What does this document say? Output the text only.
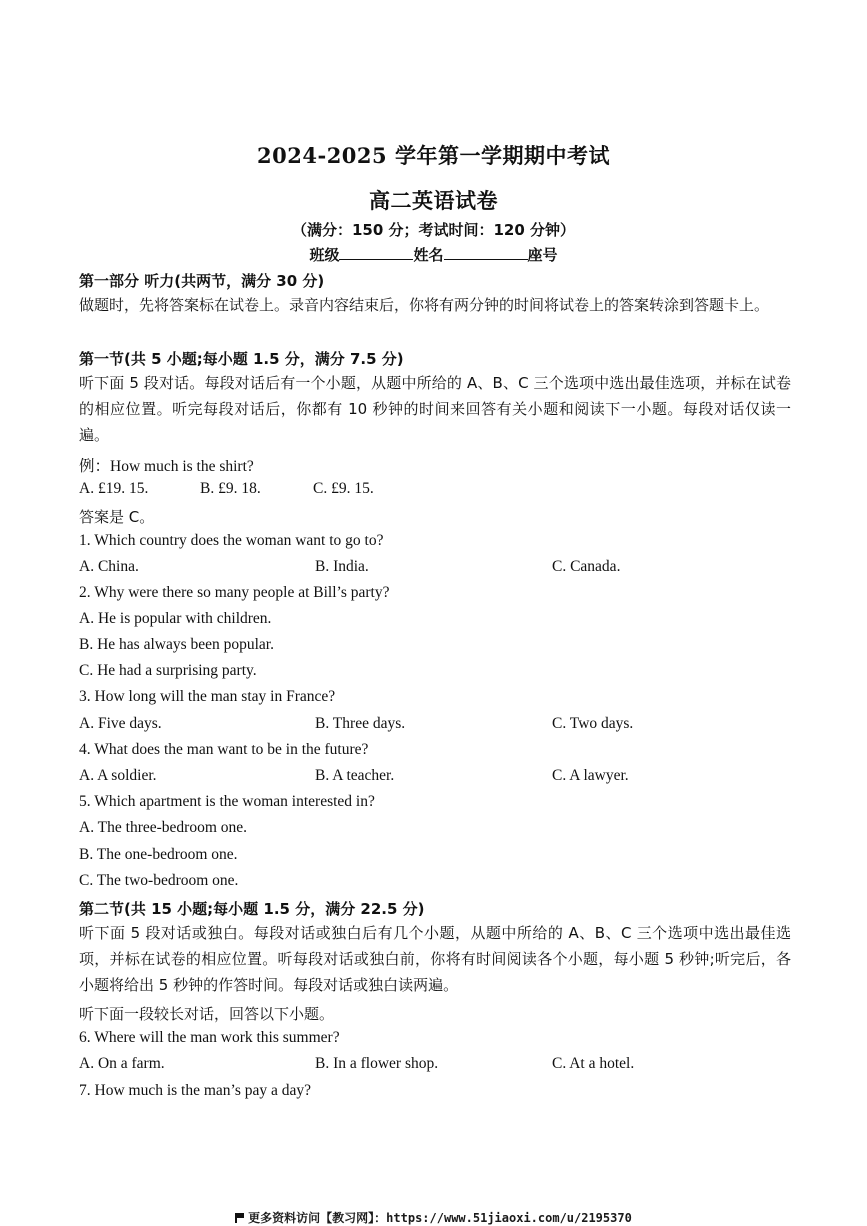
2024-2025 学年第一学期期中考试
高二英语试卷
（满分：150 分；考试时间：120 分钟）
班级	姓名	座号
第一部分 听力(共两节，满分 30 分)
做题时，先将答案标在试卷上。录音内容结束后，你将有两分钟的时间将试卷上的答案转涂到答题卡上。
第一节(共 5 小题;每小题 1.5 分，满分 7.5 分)
听下面 5 段对话。每段对话后有一个小题，从题中所给的 A、B、C 三个选项中选出最佳选项，并标在试卷的相应位置。听完每段对话后，你都有 10 秒钟的时间来回答有关小题和阅读下一小题。每段对话仅读一遍。
例：How much is the shirt?
A. £19. 15.	B. £9. 18.	C. £9. 15.
答案是 C。
1. Which country does the woman want to go to?
A. China.	B. India.	C. Canada.
2. Why were there so many people at Bill’s party?
A. He is popular with children.
B. He has always been popular.
C. He had a surprising party.
3. How long will the man stay in France?
A. Five days.	B. Three days.	C. Two days.
4. What does the man want to be in the future?
A. A soldier.	B. A teacher.	C. A lawyer.
5. Which apartment is the woman interested in?
A. The three-bedroom one.
B. The one-bedroom one.
C. The two-bedroom one.
第二节(共 15 小题;每小题 1.5 分，满分 22.5 分)
听下面 5 段对话或独白。每段对话或独白后有几个小题，从题中所给的 A、B、C 三个选项中选出最佳选项，并标在试卷的相应位置。听每段对话或独白前，你将有时间阅读各个小题，每小题 5 秒钟;听完后，各小题将给出 5 秒钟的作答时间。每段对话或独白读两遍。
听下面一段较长对话，回答以下小题。
6. Where will the man work this summer?
A. On a farm.	B. In a flower shop.	C. At a hotel.
7. How much is the man’s pay a day?
更多资料访问【教习网】：https://www.51jiaoxi.com/u/2195370
